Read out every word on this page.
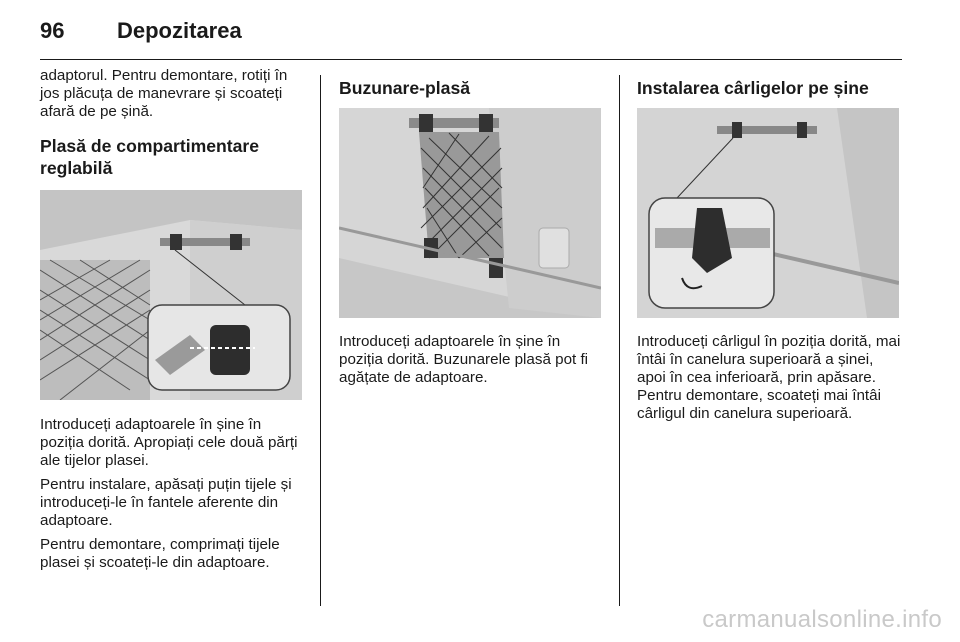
96 Depozitarea

adaptorul. Pentru demontare, rotiți în jos plăcuța de manevrare și scoateți afară de pe șină.

Plasă de compartimentare reglabilă

Introduceți adaptoarele în șine în poziția dorită. Apropiați cele două părți ale tijelor plasei.

Pentru instalare, apăsați puțin tijele și introduceți-le în fantele aferente din adaptoare.

Pentru demontare, comprimați tijele plasei și scoateți-le din adaptoare.

Buzunare-plasă

Introduceți adaptoarele în șine în poziția dorită. Buzunarele plasă pot fi agățate de adaptoare.

Instalarea cârligelor pe șine

Introduceți cârligul în poziția dorită, mai întâi în canelura superioară a șinei, apoi în cea inferioară, prin apăsare. Pentru demontare, scoateți mai întâi cârligul din canelura superioară.

carmanualsonline.info
